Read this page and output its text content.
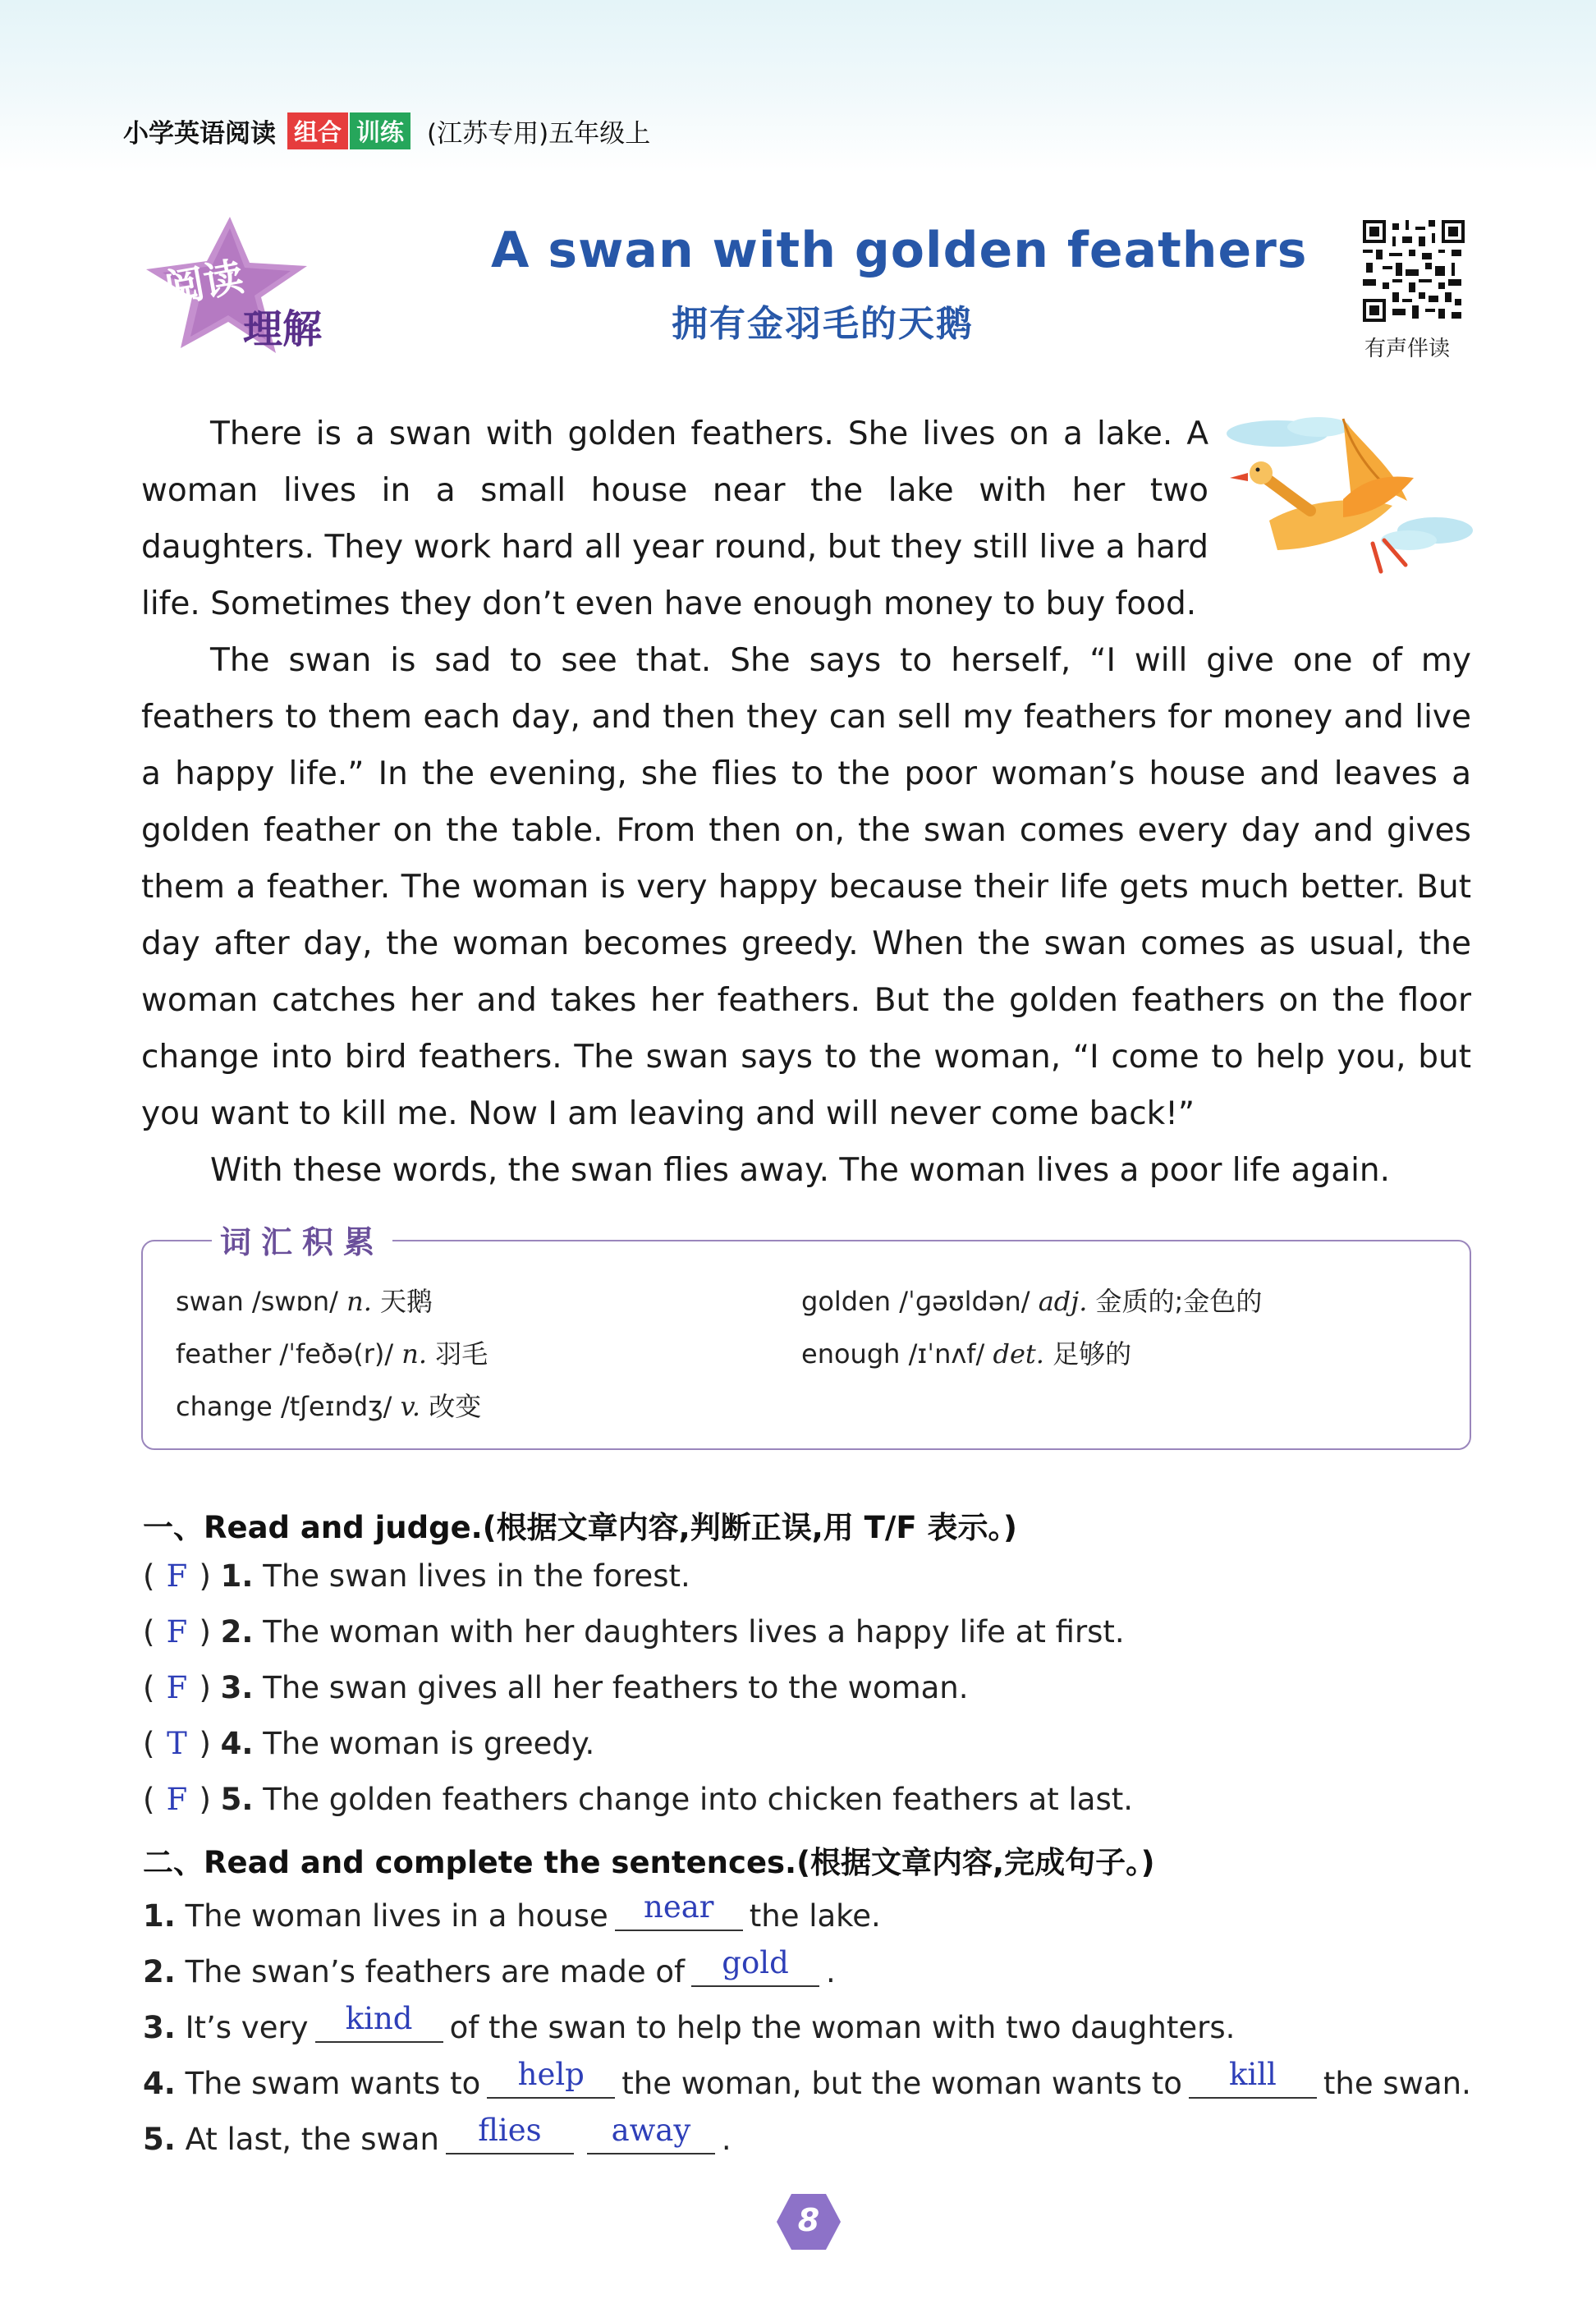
小学英语阅读 组合 训练 (江苏专用)五年级上
阅读
理解
A swan with golden feathers
拥有金羽毛的天鹅
有声伴读

There is a swan with golden feathers. She lives on a lake. A woman lives in a small house near the lake with her two daughters. They work hard all year round, but they still live a hard life. Sometimes they don’t even have enough money to buy food.

The swan is sad to see that. She says to herself, “I will give one of my feathers to them each day, and then they can sell my feathers for money and live a happy life.” In the evening, she flies to the poor woman’s house and leaves a golden feather on the table. From then on, the swan comes every day and gives them a feather. The woman is very happy because their life gets much better. But day after day, the woman becomes greedy. When the swan comes as usual, the woman catches her and takes her feathers. But the golden feathers on the floor change into bird feathers. The swan says to the woman, “I come to help you, but you want to kill me. Now I am leaving and will never come back!”

With these words, the swan flies away. The woman lives a poor life again.

词汇积累
swan /swɒn/ n. 天鹅
feather /ˈfeðə(r)/ n. 羽毛
change /tʃeɪndʒ/ v. 改变
golden /ˈɡəʊldən/ adj. 金质的;金色的
enough /ɪˈnʌf/ det. 足够的
一、Read and judge.(根据文章内容,判断正误,用 T/F 表示。)
( F ) 1. The swan lives in the forest.
( F ) 2. The woman with her daughters lives a happy life at first.
( F ) 3. The swan gives all her feathers to the woman.
( T ) 4. The woman is greedy.
( F ) 5. The golden feathers change into chicken feathers at last.
二、Read and complete the sentences.(根据文章内容,完成句子。)
1. The woman lives in a house	near	the lake.
2. The swan’s feathers are made of	gold	.
3. It’s very	kind	of the swan to help the woman with two daughters.
4. The swam wants to	help	the woman, but the woman wants to	kill	the swan.
5. At last, the swan	flies	away	.
8
